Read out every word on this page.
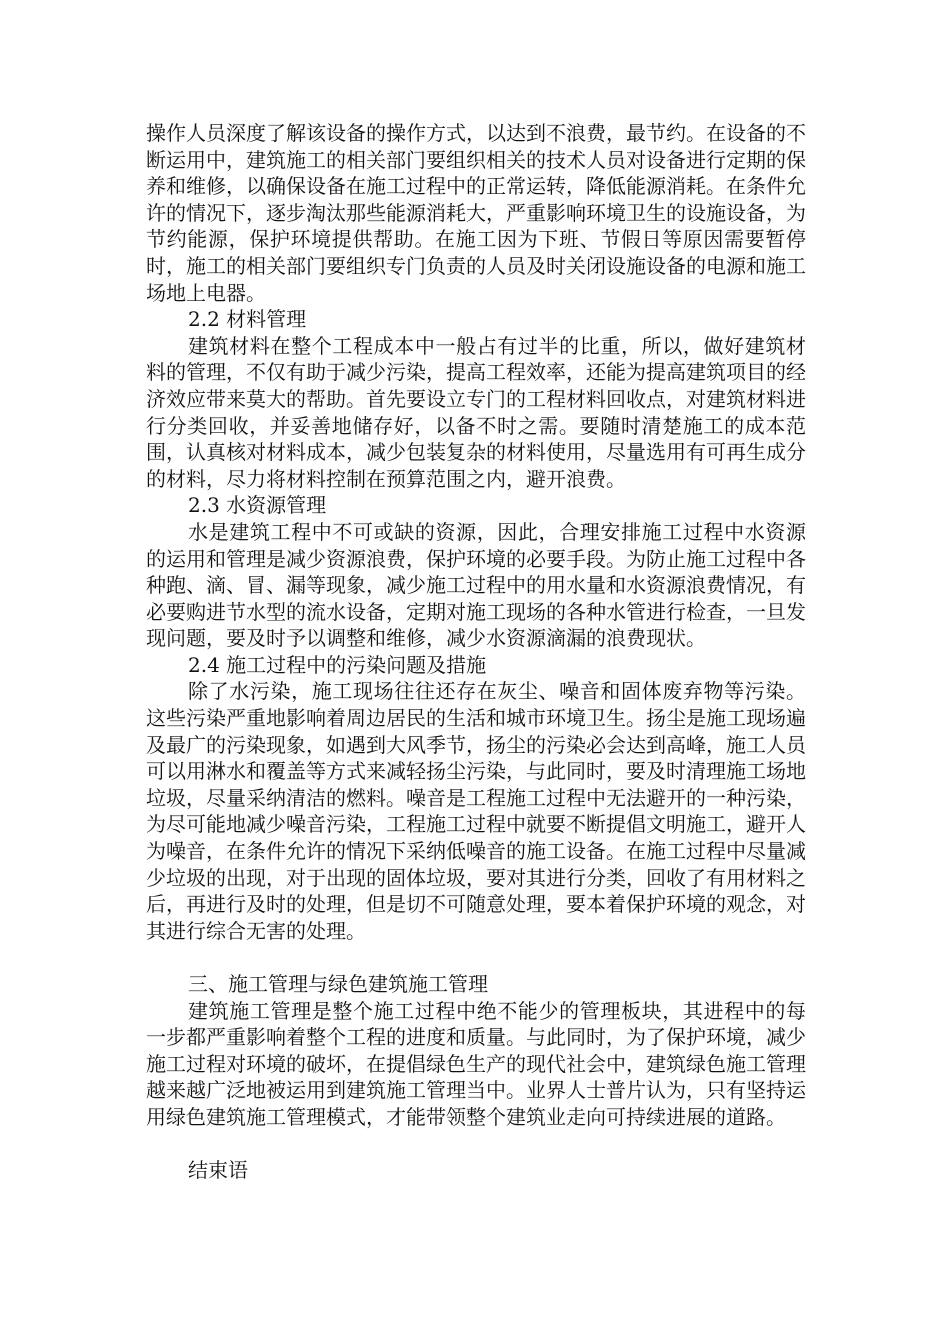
操作人员深度了解该设备的操作方式，以达到不浪费，最节约。在设备的不断运用中，建筑施工的相关部门要组织相关的技术人员对设备进行定期的保养和维修，以确保设备在施工过程中的正常运转，降低能源消耗。在条件允许的情况下，逐步淘汰那些能源消耗大，严重影响环境卫生的设施设备，为节约能源，保护环境提供帮助。在施工因为下班、节假日等原因需要暂停时，施工的相关部门要组织专门负责的人员及时关闭设施设备的电源和施工场地上电器。

2.2 材料管理

建筑材料在整个工程成本中一般占有过半的比重，所以，做好建筑材料的管理，不仅有助于减少污染，提高工程效率，还能为提高建筑项目的经济效应带来莫大的帮助。首先要设立专门的工程材料回收点，对建筑材料进行分类回收，并妥善地储存好，以备不时之需。要随时清楚施工的成本范围，认真核对材料成本，减少包装复杂的材料使用，尽量选用有可再生成分的材料，尽力将材料控制在预算范围之内，避开浪费。

2.3 水资源管理

水是建筑工程中不可或缺的资源，因此，合理安排施工过程中水资源的运用和管理是减少资源浪费，保护环境的必要手段。为防止施工过程中各种跑、滴、冒、漏等现象，减少施工过程中的用水量和水资源浪费情况，有必要购进节水型的流水设备，定期对施工现场的各种水管进行检查，一旦发现问题，要及时予以调整和维修，减少水资源滴漏的浪费现状。

2.4 施工过程中的污染问题及措施

除了水污染，施工现场往往还存在灰尘、噪音和固体废弃物等污染。这些污染严重地影响着周边居民的生活和城市环境卫生。扬尘是施工现场遍及最广的污染现象，如遇到大风季节，扬尘的污染必会达到高峰，施工人员可以用淋水和覆盖等方式来减轻扬尘污染，与此同时，要及时清理施工场地垃圾，尽量采纳清洁的燃料。噪音是工程施工过程中无法避开的一种污染，为尽可能地减少噪音污染，工程施工过程中就要不断提倡文明施工，避开人为噪音，在条件允许的情况下采纳低噪音的施工设备。在施工过程中尽量减少垃圾的出现，对于出现的固体垃圾，要对其进行分类，回收了有用材料之后，再进行及时的处理，但是切不可随意处理，要本着保护环境的观念，对其进行综合无害的处理。

三、施工管理与绿色建筑施工管理

建筑施工管理是整个施工过程中绝不能少的管理板块，其进程中的每一步都严重影响着整个工程的进度和质量。与此同时，为了保护环境，减少施工过程对环境的破坏，在提倡绿色生产的现代社会中，建筑绿色施工管理越来越广泛地被运用到建筑施工管理当中。业界人士普片认为，只有坚持运用绿色建筑施工管理模式，才能带领整个建筑业走向可持续进展的道路。

结束语
